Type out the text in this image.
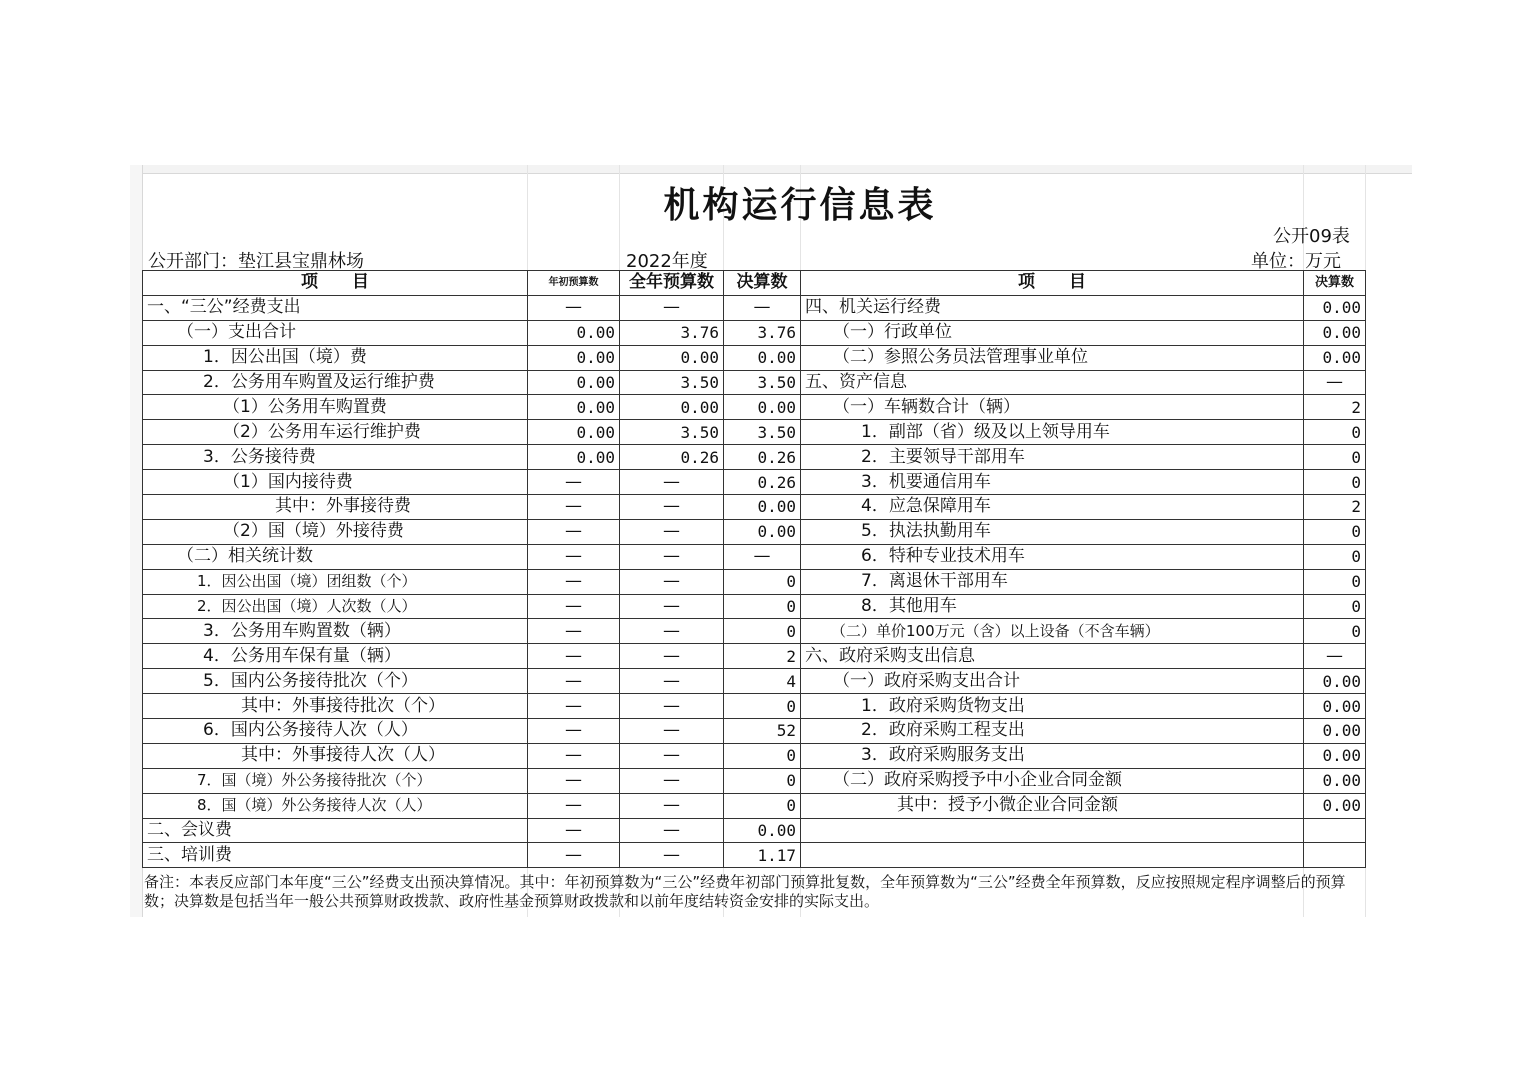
机构运行信息表
公开09表
公开部门：垫江县宝鼎林场	2022年度	单位：万元
项　　目	年初预算数	全年预算数	决算数	项　　目	决算数
一、“三公”经费支出	—	—	—	四、机关运行经费	0.00
（一）支出合计	0.00	3.76	3.76	（一）行政单位	0.00
1．因公出国（境）费	0.00	0.00	0.00	（二）参照公务员法管理事业单位	0.00
2．公务用车购置及运行维护费	0.00	3.50	3.50	五、资产信息	—
（1）公务用车购置费	0.00	0.00	0.00	（一）车辆数合计（辆）	2
（2）公务用车运行维护费	0.00	3.50	3.50	1．副部（省）级及以上领导用车	0
3．公务接待费	0.00	0.26	0.26	2．主要领导干部用车	0
（1）国内接待费	—	—	0.26	3．机要通信用车	0
其中：外事接待费	—	—	0.00	4．应急保障用车	2
（2）国（境）外接待费	—	—	0.00	5．执法执勤用车	0
（二）相关统计数	—	—	—	6．特种专业技术用车	0
1．因公出国（境）团组数（个）	—	—	0	7．离退休干部用车	0
2．因公出国（境）人次数（人）	—	—	0	8．其他用车	0
3．公务用车购置数（辆）	—	—	0	（二）单价100万元（含）以上设备（不含车辆）	0
4．公务用车保有量（辆）	—	—	2	六、政府采购支出信息	—
5．国内公务接待批次（个）	—	—	4	（一）政府采购支出合计	0.00
其中：外事接待批次（个）	—	—	0	1．政府采购货物支出	0.00
6．国内公务接待人次（人）	—	—	52	2．政府采购工程支出	0.00
其中：外事接待人次（人）	—	—	0	3．政府采购服务支出	0.00
7．国（境）外公务接待批次（个）	—	—	0	（二）政府采购授予中小企业合同金额	0.00
8．国（境）外公务接待人次（人）	—	—	0	其中：授予小微企业合同金额	0.00
二、会议费	—	—	0.00		
三、培训费	—	—	1.17		
备注：本表反应部门本年度“三公”经费支出预决算情况。其中：年初预算数为“三公”经费年初部门预算批复数，全年预算数为“三公”经费全年预算数，反应按照规定程序调整后的预算数；决算数是包括当年一般公共预算财政拨款、政府性基金预算财政拨款和以前年度结转资金安排的实际支出。
